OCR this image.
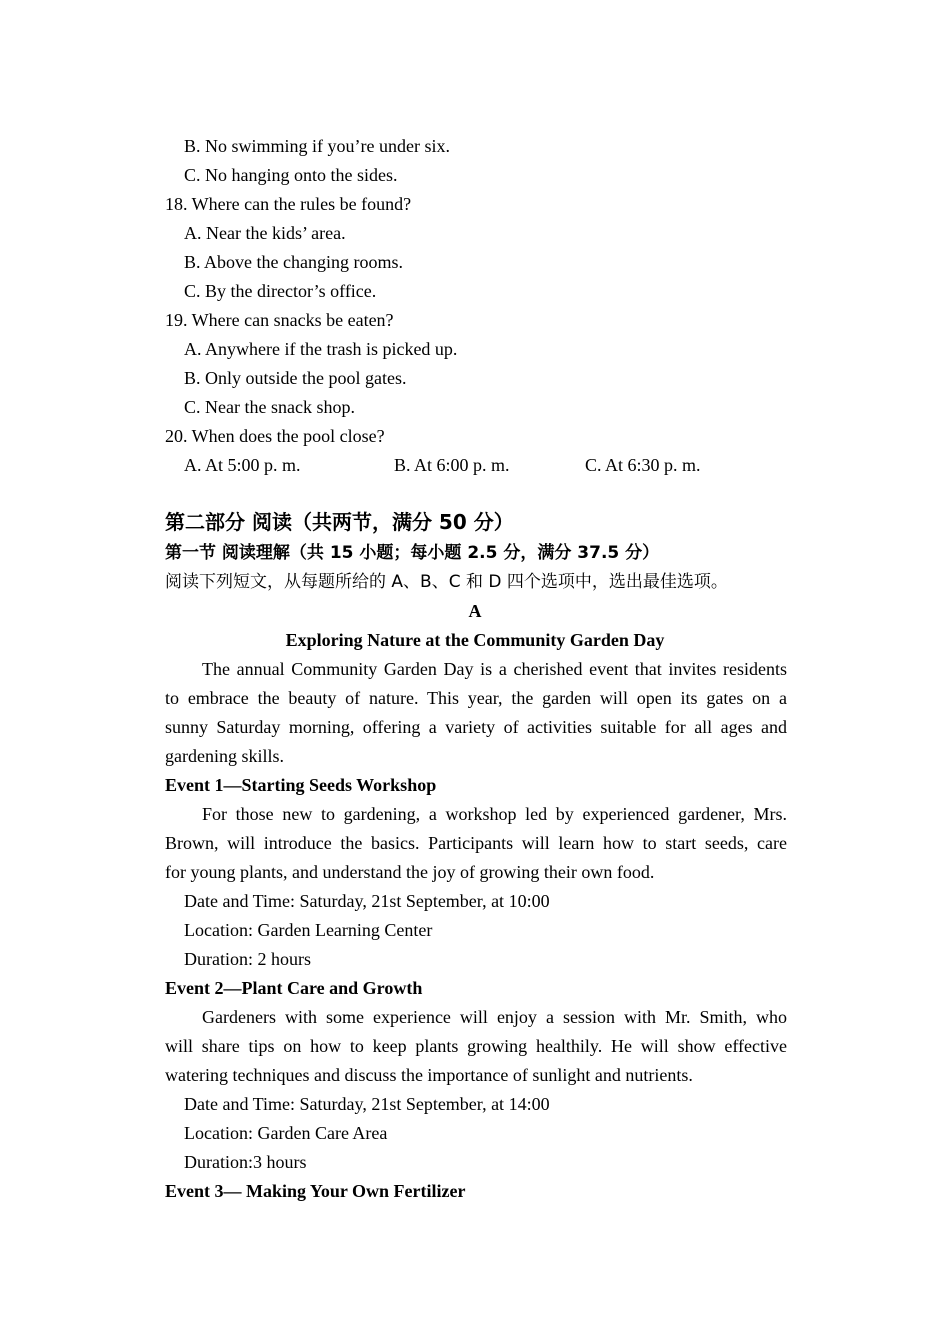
B. No swimming if you’re under six.
C. No hanging onto the sides.
18. Where can the rules be found?
A. Near the kids’ area.
B. Above the changing rooms.
C. By the director’s office.
19. Where can snacks be eaten?
A. Anywhere if the trash is picked up.
B. Only outside the pool gates.
C. Near the snack shop.
20. When does the pool close?
A. At 5:00 p. m.	B. At 6:00 p. m.	C. At 6:30 p. m.
第二部分 阅读（共两节，满分 50 分）
第一节 阅读理解（共 15 小题；每小题 2.5 分，满分 37.5 分）
阅读下列短文，从每题所给的 A、B、C 和 D 四个选项中，选出最佳选项。
A
Exploring Nature at the Community Garden Day
The annual Community Garden Day is a cherished event that invites residents
to embrace the beauty of nature. This year, the garden will open its gates on a
sunny Saturday morning, offering a variety of activities suitable for all ages and
gardening skills.
Event 1—Starting Seeds Workshop
For those new to gardening, a workshop led by experienced gardener, Mrs.
Brown, will introduce the basics. Participants will learn how to start seeds, care
for young plants, and understand the joy of growing their own food.
Date and Time: Saturday, 21st September, at 10:00
Location: Garden Learning Center
Duration: 2 hours
Event 2—Plant Care and Growth
Gardeners with some experience will enjoy a session with Mr. Smith, who
will share tips on how to keep plants growing healthily. He will show effective
watering techniques and discuss the importance of sunlight and nutrients.
Date and Time: Saturday, 21st September, at 14:00
Location: Garden Care Area
Duration:3 hours
Event 3— Making Your Own Fertilizer
